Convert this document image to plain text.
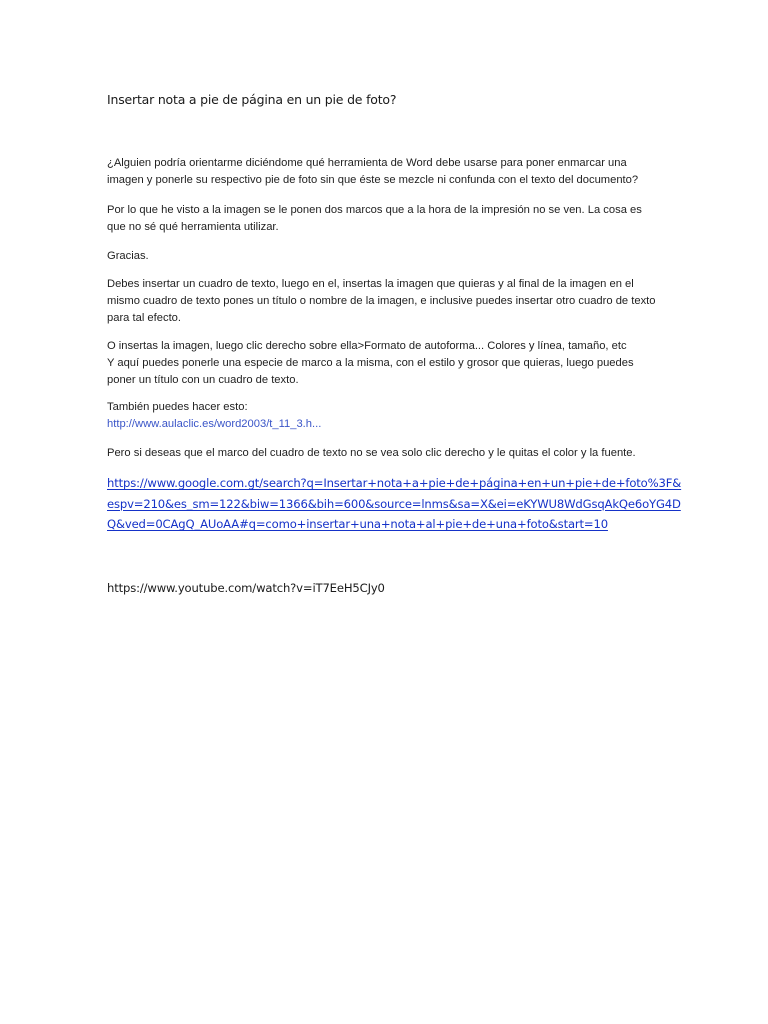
Insertar nota a pie de página en un pie de foto?
¿Alguien podría orientarme diciéndome qué herramienta de Word debe usarse para poner enmarcar una
imagen y ponerle su respectivo pie de foto sin que éste se mezcle ni confunda con el texto del documento?
Por lo que he visto a la imagen se le ponen dos marcos que a la hora de la impresión no se ven. La cosa es
que no sé qué herramienta utilizar.
Gracias.
Debes insertar un cuadro de texto, luego en el, insertas la imagen que quieras y al final de la imagen en el
mismo cuadro de texto pones un título o nombre de la imagen, e inclusive puedes insertar otro cuadro de texto
para tal efecto.
O insertas la imagen, luego clic derecho sobre ella>Formato de autoforma... Colores y línea, tamaño, etc
Y aquí puedes ponerle una especie de marco a la misma, con el estilo y grosor que quieras, luego puedes
poner un título con un cuadro de texto.
También puedes hacer esto:
http://www.aulaclic.es/word2003/t_11_3.h...
Pero si deseas que el marco del cuadro de texto no se vea solo clic derecho y le quitas el color y la fuente.
https://www.google.com.gt/search?q=Insertar+nota+a+pie+de+página+en+un+pie+de+foto%3F&
espv=210&es_sm=122&biw=1366&bih=600&source=lnms&sa=X&ei=eKYWU8WdGsqAkQe6oYG4D
Q&ved=0CAgQ_AUoAA#q=como+insertar+una+nota+al+pie+de+una+foto&start=10
https://www.youtube.com/watch?v=iT7EeH5CJy0
